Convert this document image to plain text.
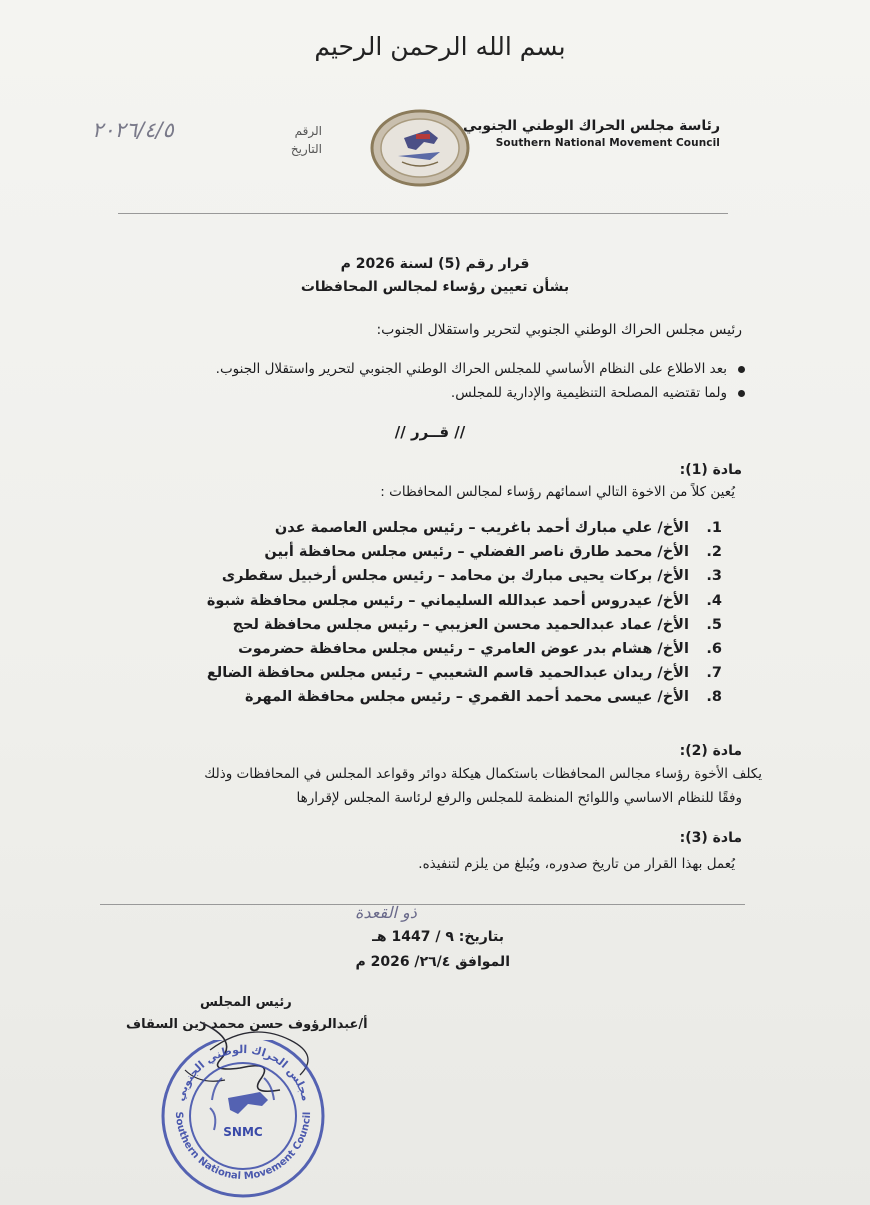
بسم الله الرحمن الرحيم
رئاسة مجلس الحراك الوطني الجنوبي
Southern National Movement Council
الرقم
التاريخ
٢٠٢٦/٤/٥
قرار رقم (5) لسنة 2026 م
بشأن تعيين رؤساء لمجالس المحافظات
رئيس مجلس الحراك الوطني الجنوبي لتحرير واستقلال الجنوب:
بعد الاطلاع على النظام الأساسي للمجلس الحراك الوطني الجنوبي لتحرير واستقلال الجنوب.
ولما تقتضيه المصلحة التنظيمية والإدارية للمجلس.
// قــرر //
مادة (1):
يُعين كلاً من الاخوة التالي اسمائهم رؤساء لمجالس المحافظات :
1. الأخ/ علي مبارك أحمد باغريب – رئيس مجلس العاصمة عدن
2. الأخ/ محمد طارق ناصر الفضلي – رئيس مجلس محافظة أبين
3. الأخ/ بركات يحيى مبارك بن محامد – رئيس مجلس أرخبيل سقطرى
4. الأخ/ عيدروس أحمد عبدالله السليماني – رئيس مجلس محافظة شبوة
5. الأخ/ عماد عبدالحميد محسن العزيبي – رئيس مجلس محافظة لحج
6. الأخ/ هشام بدر عوض العامري – رئيس مجلس محافظة حضرموت
7. الأخ/ ريدان عبدالحميد قاسم الشعيبي – رئيس مجلس محافظة الضالع
8. الأخ/ عيسى محمد أحمد القمري – رئيس مجلس محافظة المهرة
مادة (2):
يكلف الأخوة رؤساء مجالس المحافظات باستكمال هيكلة دوائر وقواعد المجلس في المحافظات وذلك
وفقًا للنظام الاساسي واللوائح المنظمة للمجلس والرفع لرئاسة المجلس لإقرارها
مادة (3):
يُعمل بهذا القرار من تاريخ صدوره، ويُبلغ من يلزم لتنفيذه.
ذو القعدة
بتاريخ: ٩ / 1447 هـ
الموافق ٢٦/٤/ 2026 م
رئيس المجلس
أ/عبدالرؤوف حسن محمد زين السقاف
Southern National Movement Council
مجلس الحراك الوطني الجنوبي
SNMC
